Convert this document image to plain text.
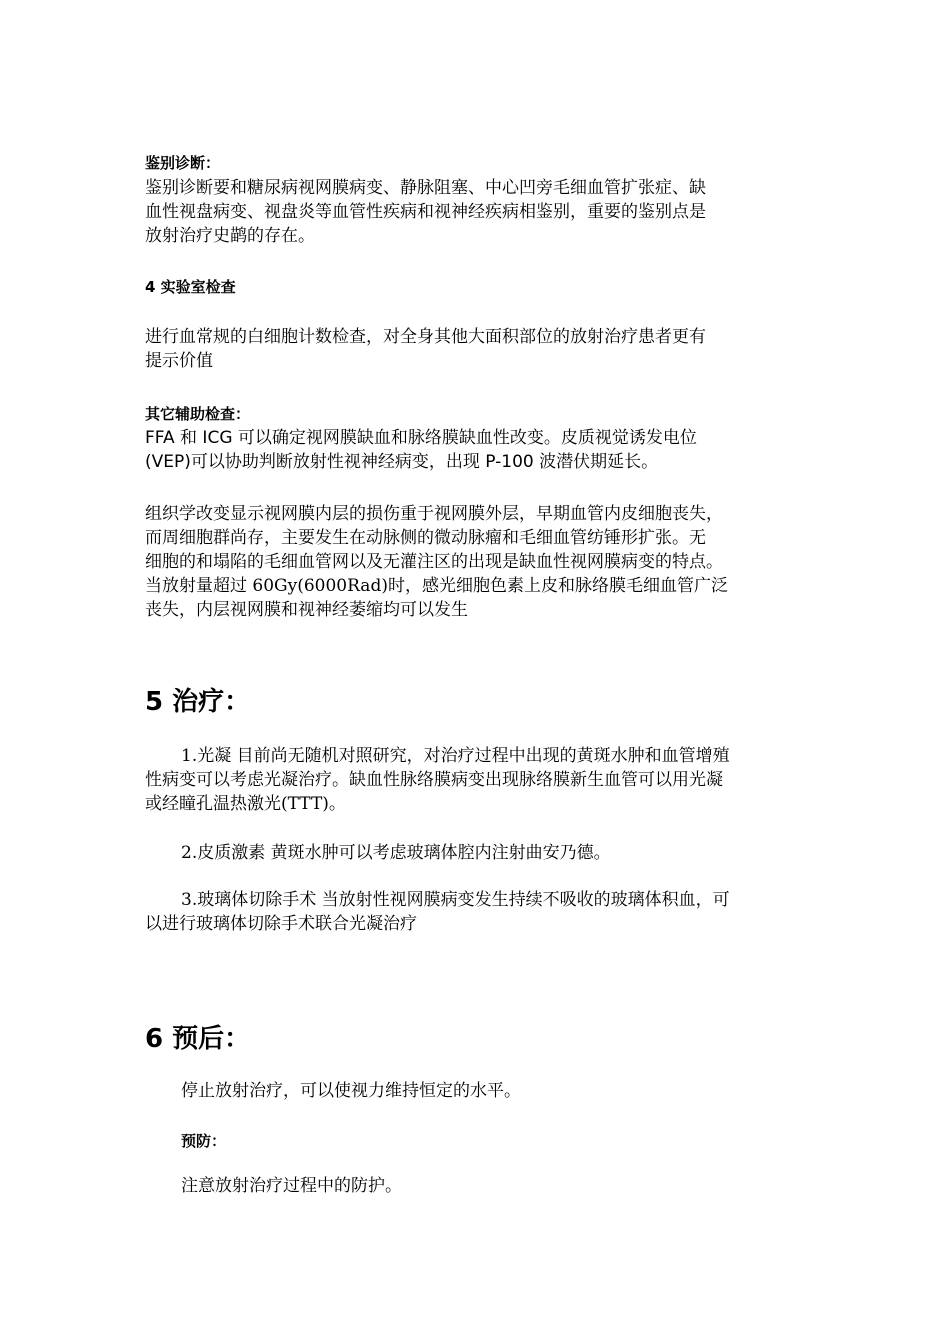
鉴别诊断：
鉴别诊断要和糖尿病视网膜病变、静脉阻塞、中心凹旁毛细血管扩张症、缺
血性视盘病变、视盘炎等血管性疾病和视神经疾病相鉴别，重要的鉴别点是
放射治疗史鹋的存在。
4 实验室检查
进行血常规的白细胞计数检查，对全身其他大面积部位的放射治疗患者更有
提示价值
其它辅助检查：
FFA 和 ICG 可以确定视网膜缺血和脉络膜缺血性改变。皮质视觉诱发电位
(VEP)可以协助判断放射性视神经病变，出现 P-100 波潜伏期延长。
组织学改变显示视网膜内层的损伤重于视网膜外层，早期血管内皮细胞丧失，
而周细胞群尚存，主要发生在动脉侧的微动脉瘤和毛细血管纺锤形扩张。无
细胞的和塌陷的毛细血管网以及无灌注区的出现是缺血性视网膜病变的特点。
当放射量超过 60Gy(6000Rad)时，感光细胞色素上皮和脉络膜毛细血管广泛
丧失，内层视网膜和视神经萎缩均可以发生
5 治疗：
1.光凝 目前尚无随机对照研究，对治疗过程中出现的黄斑水肿和血管增殖
性病变可以考虑光凝治疗。缺血性脉络膜病变出现脉络膜新生血管可以用光凝
或经瞳孔温热激光(TTT)。
2.皮质激素 黄斑水肿可以考虑玻璃体腔内注射曲安乃德。
3.玻璃体切除手术 当放射性视网膜病变发生持续不吸收的玻璃体积血，可
以进行玻璃体切除手术联合光凝治疗
6 预后：
停止放射治疗，可以使视力维持恒定的水平。
预防：
注意放射治疗过程中的防护。
